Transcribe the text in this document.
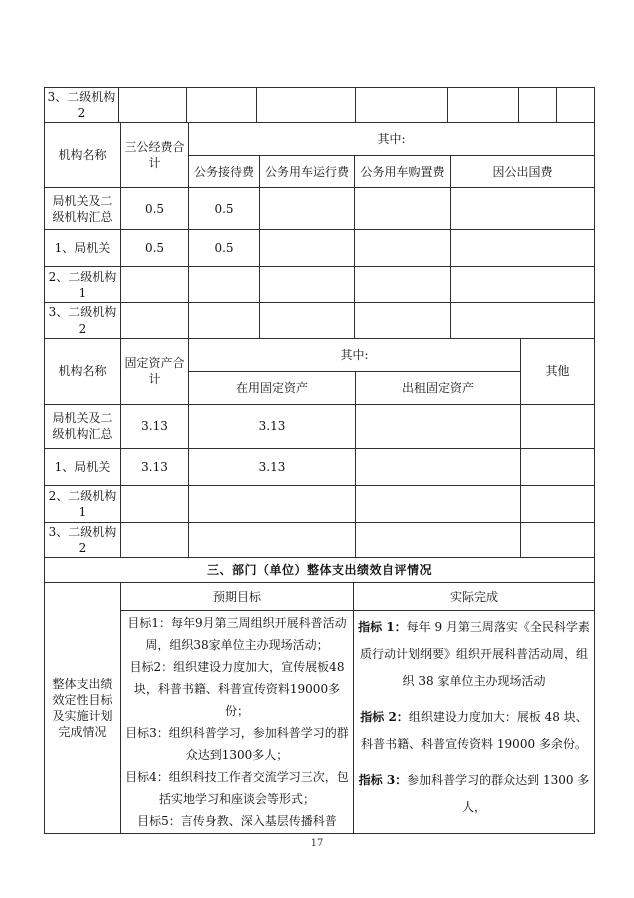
3、二级机构 2							
机构名称	三公经费合计	其中:			
		公务接待费	公务用车运行费	公务用车购置费	因公出国费
局机关及二级机构汇总	0.5	0.5			
1、局机关	0.5	0.5			
2、二级机构 1					
3、二级机构 2					
机构名称	固定资产合计	其中:		其他
		在用固定资产	出租固定资产	
局机关及二级机构汇总	3.13	3.13		
1、局机关	3.13	3.13		
2、二级机构 1				
3、二级机构 2				
三、部门（单位）整体支出绩效自评情况		
整体支出绩效定性目标及实施计划完成情况	预期目标	实际完成

目标1：每年9月第三周组织开展科普活动周，组织38家单位主办现场活动；

目标2：组织建设力度加大，宣传展板48块，科普书籍、科普宣传资料19000多份；

目标3：组织科普学习，参加科普学习的群众达到1300多人；

目标4：组织科技工作者交流学习三次，包括实地学习和座谈会等形式；

目标5：言传身教、深入基层传播科普

指标 1：每年 9 月第三周落实《全民科学素质行动计划纲要》组织开展科普活动周，组织 38 家单位主办现场活动

指标 2：组织建设力度加大：展板 48 块、科普书籍、科普宣传资料 19000 多余份。

指标 3：参加科普学习的群众达到 1300 多人，

17
